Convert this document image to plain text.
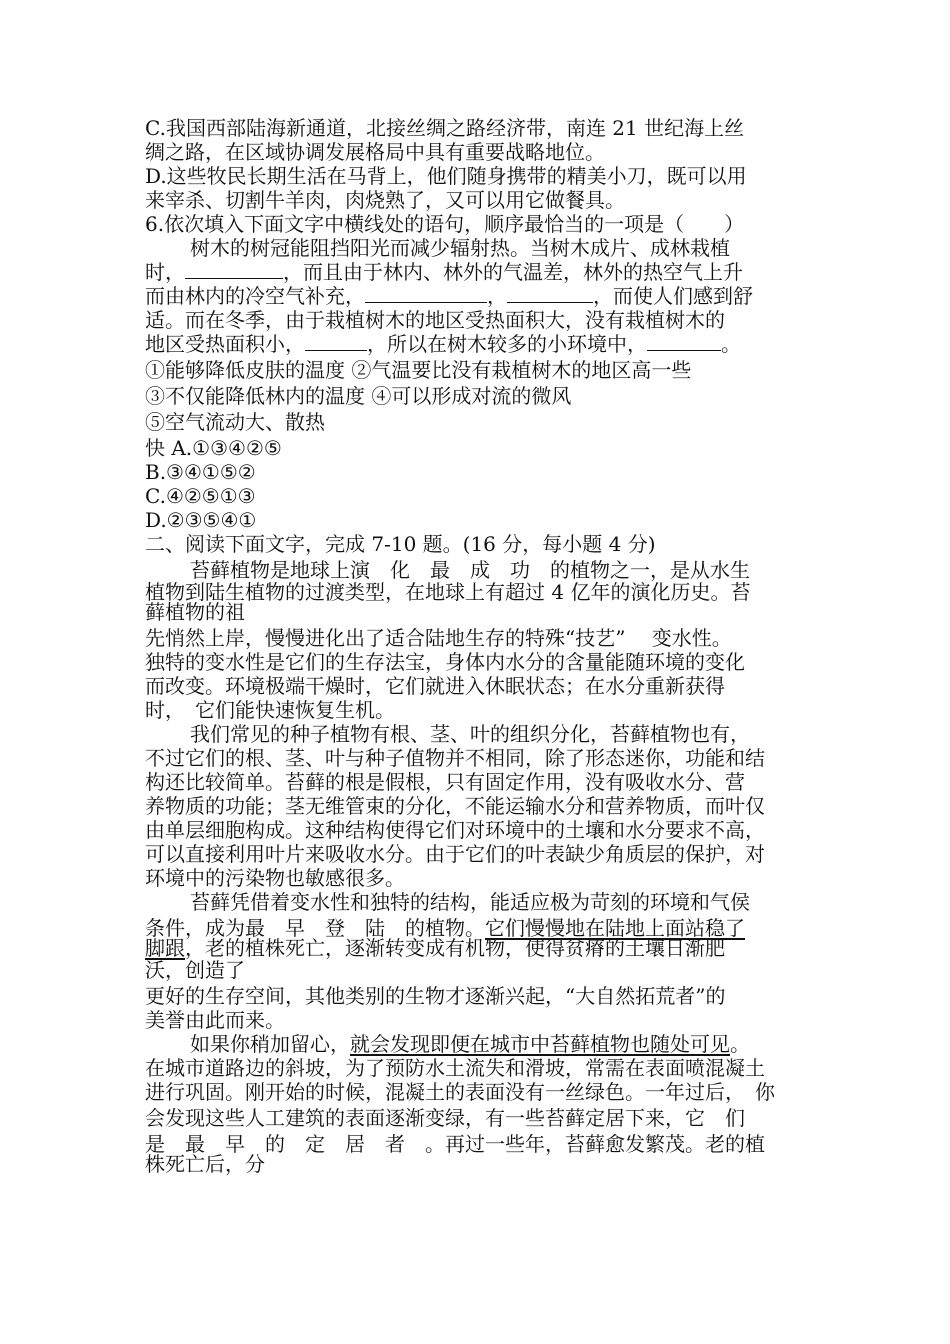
C.我国西部陆海新通道，北接丝绸之路经济带，南连 21 世纪海上丝
绸之路，在区域协调发展格局中具有重要战略地位。
D.这些牧民长期生活在马背上，他们随身携带的精美小刀，既可以用
来宰杀、切割牛羊肉，肉烧熟了，又可以用它做餐具。
6.依次填入下面文字中横线处的语句，顺序最恰当的一项是（　　）
树木的树冠能阻挡阳光而减少辐射热。当树木成片、成林栽植
时，	，而且由于林内、林外的气温差，林外的热空气上升
而由林内的冷空气补充，	，	，而使人们感到舒
适。而在冬季，由于栽植树木的地区受热面积大，没有栽植树木的
地区受热面积小，	，所以在树木较多的小环境中，	。
①能够降低皮肤的温度 ②气温要比没有栽植树木的地区高一些
③不仅能降低林内的温度 ④可以形成对流的微风
⑤空气流动大、散热
快 A.①③④②⑤
B.③④①⑤②
C.④②⑤①③
D.②③⑤④①
二、阅读下面文字，完成 7-10 题。(16 分，每小题 4 分)
苔藓植物是地球上演　化　最　成　功　的植物之一，是从水生
植物到陆生植物的过渡类型，在地球上有超过 4 亿年的演化历史。苔
藓植物的祖
先悄然上岸，慢慢进化出了适合陆地生存的特殊“技艺”　 变水性。
独特的变水性是它们的生存法宝，身体内水分的含量能随环境的变化
而改变。环境极端干燥时，它们就进入休眠状态；在水分重新获得
时，　它们能快速恢复生机。
我们常见的种子植物有根、茎、叶的组织分化，苔藓植物也有，
不过它们的根、茎、叶与种子值物并不相同，除了形态迷你，功能和结
构还比较简单。苔藓的根是假根，只有固定作用，没有吸收水分、营
养物质的功能；茎无维管束的分化，不能运输水分和营养物质，而叶仅
由单层细胞构成。这种结构使得它们对环境中的土壤和水分要求不高，
可以直接利用叶片来吸收水分。由于它们的叶表缺少角质层的保护，对
环境中的污染物也敏感很多。
苔藓凭借着变水性和独特的结构，能适应极为苛刻的环境和气侯
条件，成为最　早　登　陆　的植物。它们慢慢地在陆地上面站稳了
脚跟，老的植株死亡，逐渐转变成有机物，使得贫瘠的土壤日渐肥
沃，创造了
更好的生存空间，其他类别的生物才逐渐兴起，“大自然拓荒者”的
美誉由此而来。
如果你稍加留心，就会发现即便在城市中苔藓植物也随处可见。
在城市道路边的斜坡，为了预防水土流失和滑坡，常需在表面喷混凝土
进行巩固。刚开始的时候，混凝土的表面没有一丝绿色。一年过后，　你
会发现这些人工建筑的表面逐渐变绿，有一些苔藓定居下来，它　们
是　最　早　的　定　居　者　。再过一些年，苔藓愈发繁茂。老的植
株死亡后，分
